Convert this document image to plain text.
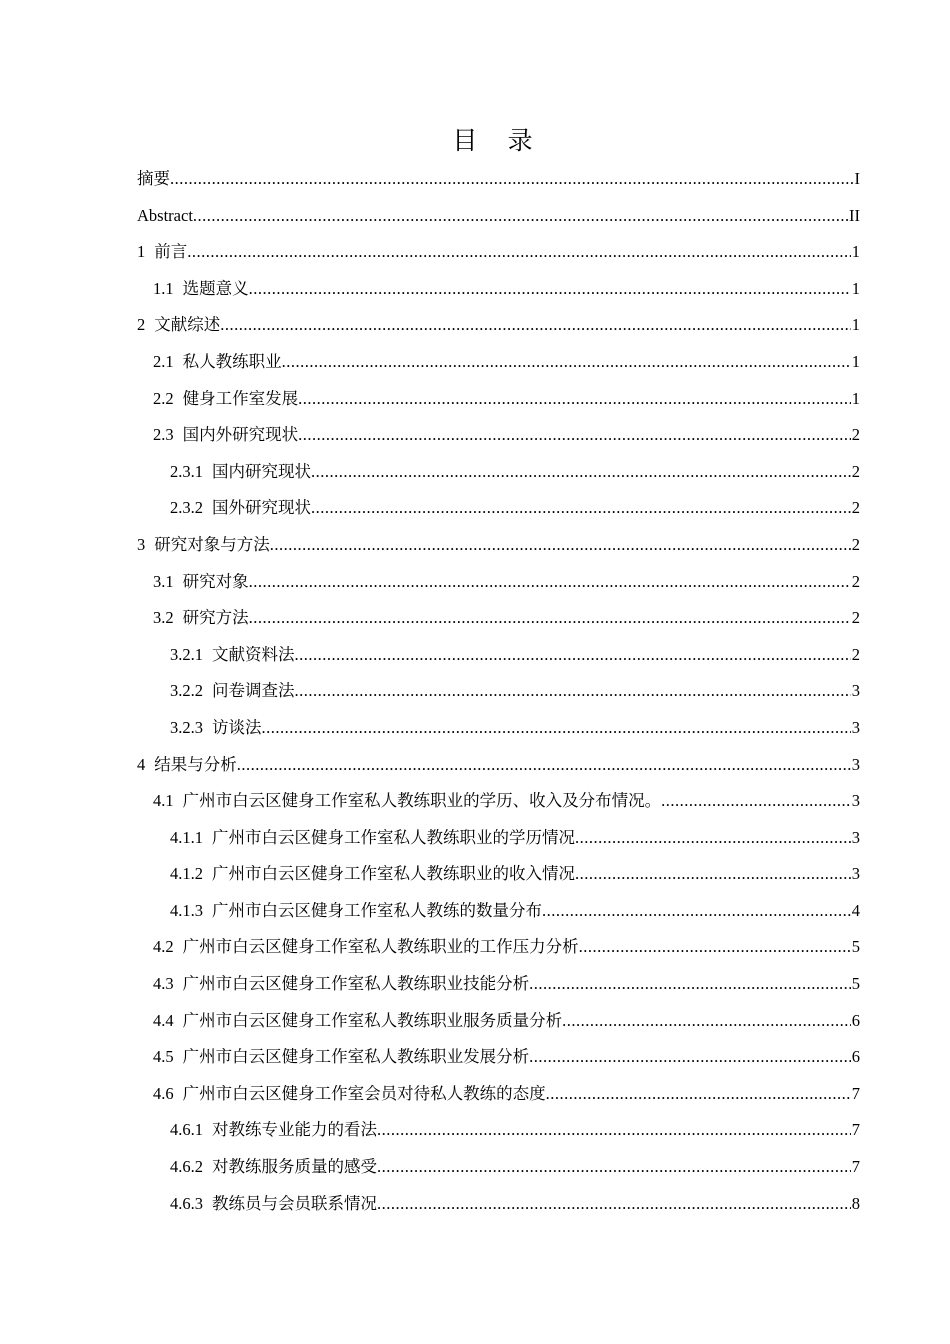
目 录
摘要 .....	I
Abstract .....	II
1 前言 .....	1
1.1 选题意义 .....	1
2 文献综述 .....	1
2.1 私人教练职业 .....	1
2.2 健身工作室发展 .....	1
2.3 国内外研究现状 .....	2
2.3.1 国内研究现状 .....	2
2.3.2 国外研究现状 .....	2
3 研究对象与方法 .....	2
3.1 研究对象 .....	2
3.2 研究方法 .....	2
3.2.1 文献资料法 .....	2
3.2.2 问卷调查法 .....	3
3.2.3 访谈法 .....	3
4 结果与分析 .....	3
4.1 广州市白云区健身工作室私人教练职业的学历、收入及分布情况。 .....	3
4.1.1 广州市白云区健身工作室私人教练职业的学历情况 .....	3
4.1.2 广州市白云区健身工作室私人教练职业的收入情况 .....	3
4.1.3 广州市白云区健身工作室私人教练的数量分布 .....	4
4.2 广州市白云区健身工作室私人教练职业的工作压力分析 .....	5
4.3 广州市白云区健身工作室私人教练职业技能分析 .....	5
4.4 广州市白云区健身工作室私人教练职业服务质量分析 .....	6
4.5 广州市白云区健身工作室私人教练职业发展分析 .....	6
4.6 广州市白云区健身工作室会员对待私人教练的态度 .....	7
4.6.1 对教练专业能力的看法 .....	7
4.6.2 对教练服务质量的感受 .....	7
4.6.3 教练员与会员联系情况 .....	8
